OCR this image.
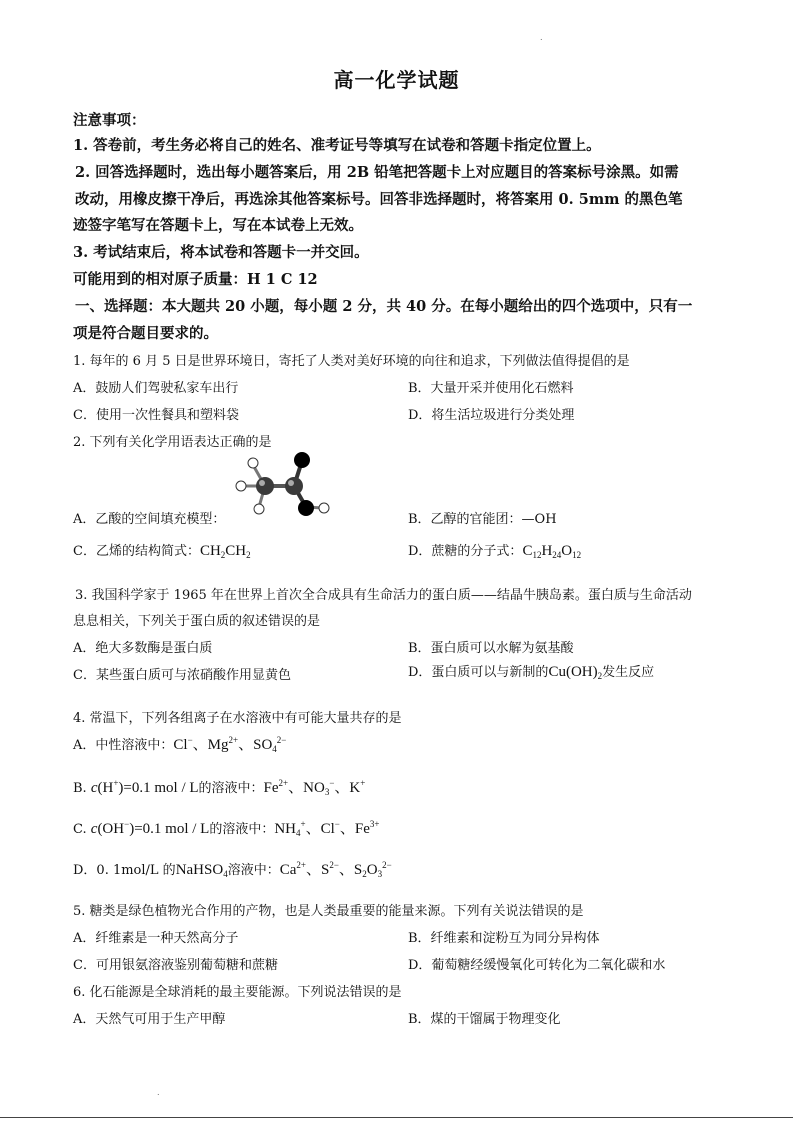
高一化学试题
注意事项：
1. 答卷前，考生务必将自己的姓名、准考证号等填写在试卷和答题卡指定位置上。
2. 回答选择题时，选出每小题答案后，用 2B 铅笔把答题卡上对应题目的答案标号涂黑。如需
改动，用橡皮擦干净后，再选涂其他答案标号。回答非选择题时，将答案用 0. 5mm 的黑色笔
迹签字笔写在答题卡上，写在本试卷上无效。
3. 考试结束后，将本试卷和答题卡一并交回。
可能用到的相对原子质量：H 1 C 12
一、选择题：本大题共 20 小题，每小题 2 分，共 40 分。在每小题给出的四个选项中，只有一
项是符合题目要求的。
1. 每年的 6 月 5 日是世界环境日，寄托了人类对美好环境的向往和追求，下列做法值得提倡的是
A．鼓励人们驾驶私家车出行	B．大量开采并使用化石燃料
C．使用一次性餐具和塑料袋	D．将生活垃圾进行分类处理
2. 下列有关化学用语表达正确的是
A．乙酸的空间填充模型：	B．乙醇的官能团：—OH
C．乙烯的结构简式：$CH_2CH_2$	D．蔗糖的分子式：$C_{12}H_{24}O_{12}$
3. 我国科学家于 1965 年在世界上首次全合成具有生命活力的蛋白质——结晶牛胰岛素。蛋白质与生命活动
息息相关，下列关于蛋白质的叙述错误的是
A．绝大多数酶是蛋白质	B．蛋白质可以水解为氨基酸
C．某些蛋白质可与浓硝酸作用显黄色	D．蛋白质可以与新制的$Cu(OH)_2$发生反应
4. 常温下，下列各组离子在水溶液中有可能大量共存的是
A．中性溶液中：Cl−、$Mg^{2+}$、$SO_4^{2-}$
B. c(H+)=0.1 mol / L的溶液中：$Fe^{2+}$、$NO_3^-$、K+
C. c(OH−)=0.1 mol / L的溶液中：$NH_4^+$、Cl−、$Fe^{3+}$
D．0. 1mol/L 的NaHSO$_4$溶液中：$Ca^{2+}$、$S^{2-}$、$S_2O_3^{2-}$
5. 糖类是绿色植物光合作用的产物，也是人类最重要的能量来源。下列有关说法错误的是
A．纤维素是一种天然高分子	B．纤维素和淀粉互为同分异构体
C．可用银氨溶液鉴别葡萄糖和蔗糖	D．葡萄糖经缓慢氧化可转化为二氧化碳和水
6. 化石能源是全球消耗的最主要能源。下列说法错误的是
A．天然气可用于生产甲醇	B．煤的干馏属于物理变化
.
.
